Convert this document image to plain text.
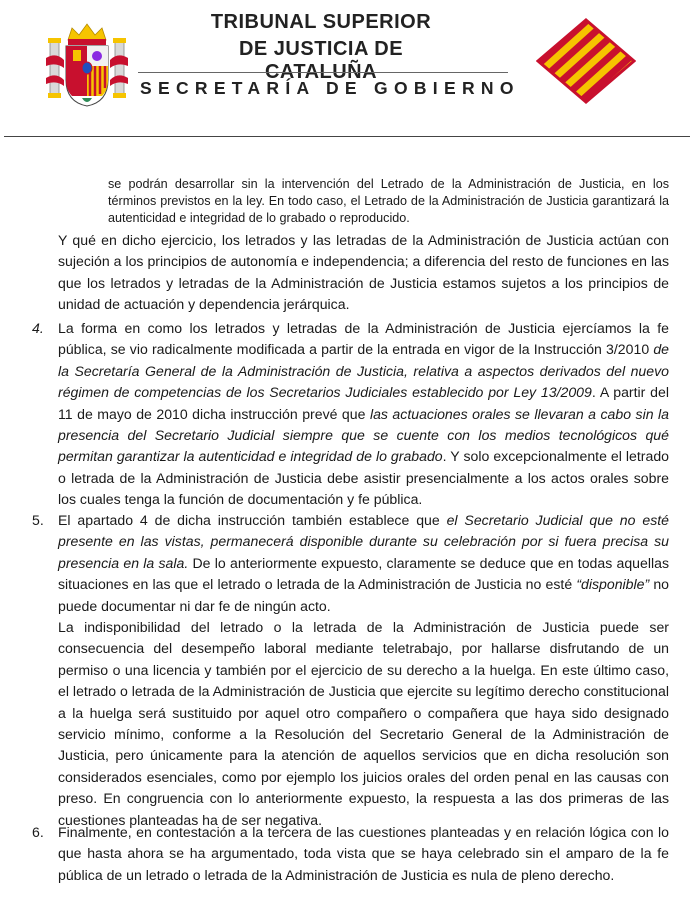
TRIBUNAL SUPERIOR
DE JUSTICIA DE CATALUÑA
SECRETARÍA DE GOBIERNO
se podrán desarrollar sin la intervención del Letrado de la Administración de Justicia, en los términos previstos en la ley. En todo caso, el Letrado de la Administración de Justicia garantizará la autenticidad e integridad de lo grabado o reproducido.
Y qué en dicho ejercicio, los letrados y las letradas de la Administración de Justicia actúan con sujeción a los principios de autonomía e independencia; a diferencia del resto de funciones en las que los letrados y letradas de la Administración de Justicia estamos sujetos a los principios de unidad de actuación y dependencia jerárquica.
4. La forma en como los letrados y letradas de la Administración de Justicia ejercíamos la fe pública, se vio radicalmente modificada a partir de la entrada en vigor de la Instrucción 3/2010 de la Secretaría General de la Administración de Justicia, relativa a aspectos derivados del nuevo régimen de competencias de los Secretarios Judiciales establecido por Ley 13/2009. A partir del 11 de mayo de 2010 dicha instrucción prevé que las actuaciones orales se llevaran a cabo sin la presencia del Secretario Judicial siempre que se cuente con los medios tecnológicos qué permitan garantizar la autenticidad e integridad de lo grabado. Y solo excepcionalmente el letrado o letrada de la Administración de Justicia debe asistir presencialmente a los actos orales sobre los cuales tenga la función de documentación y fe pública.
5. El apartado 4 de dicha instrucción también establece que el Secretario Judicial que no esté presente en las vistas, permanecerá disponible durante su celebración por si fuera precisa su presencia en la sala. De lo anteriormente expuesto, claramente se deduce que en todas aquellas situaciones en las que el letrado o letrada de la Administración de Justicia no esté “disponible” no puede documentar ni dar fe de ningún acto.
La indisponibilidad del letrado o la letrada de la Administración de Justicia puede ser consecuencia del desempeño laboral mediante teletrabajo, por hallarse disfrutando de un permiso o una licencia y también por el ejercicio de su derecho a la huelga. En este último caso, el letrado o letrada de la Administración de Justicia que ejercite su legítimo derecho constitucional a la huelga será sustituido por aquel otro compañero o compañera que haya sido designado servicio mínimo, conforme a la Resolución del Secretario General de la Administración de Justicia, pero únicamente para la atención de aquellos servicios que en dicha resolución son considerados esenciales, como por ejemplo los juicios orales del orden penal en las causas con preso. En congruencia con lo anteriormente expuesto, la respuesta a las dos primeras de las cuestiones planteadas ha de ser negativa.
6. Finalmente, en contestación a la tercera de las cuestiones planteadas y en relación lógica con lo que hasta ahora se ha argumentado, toda vista que se haya celebrado sin el amparo de la fe pública de un letrado o letrada de la Administración de Justicia es nula de pleno derecho.
